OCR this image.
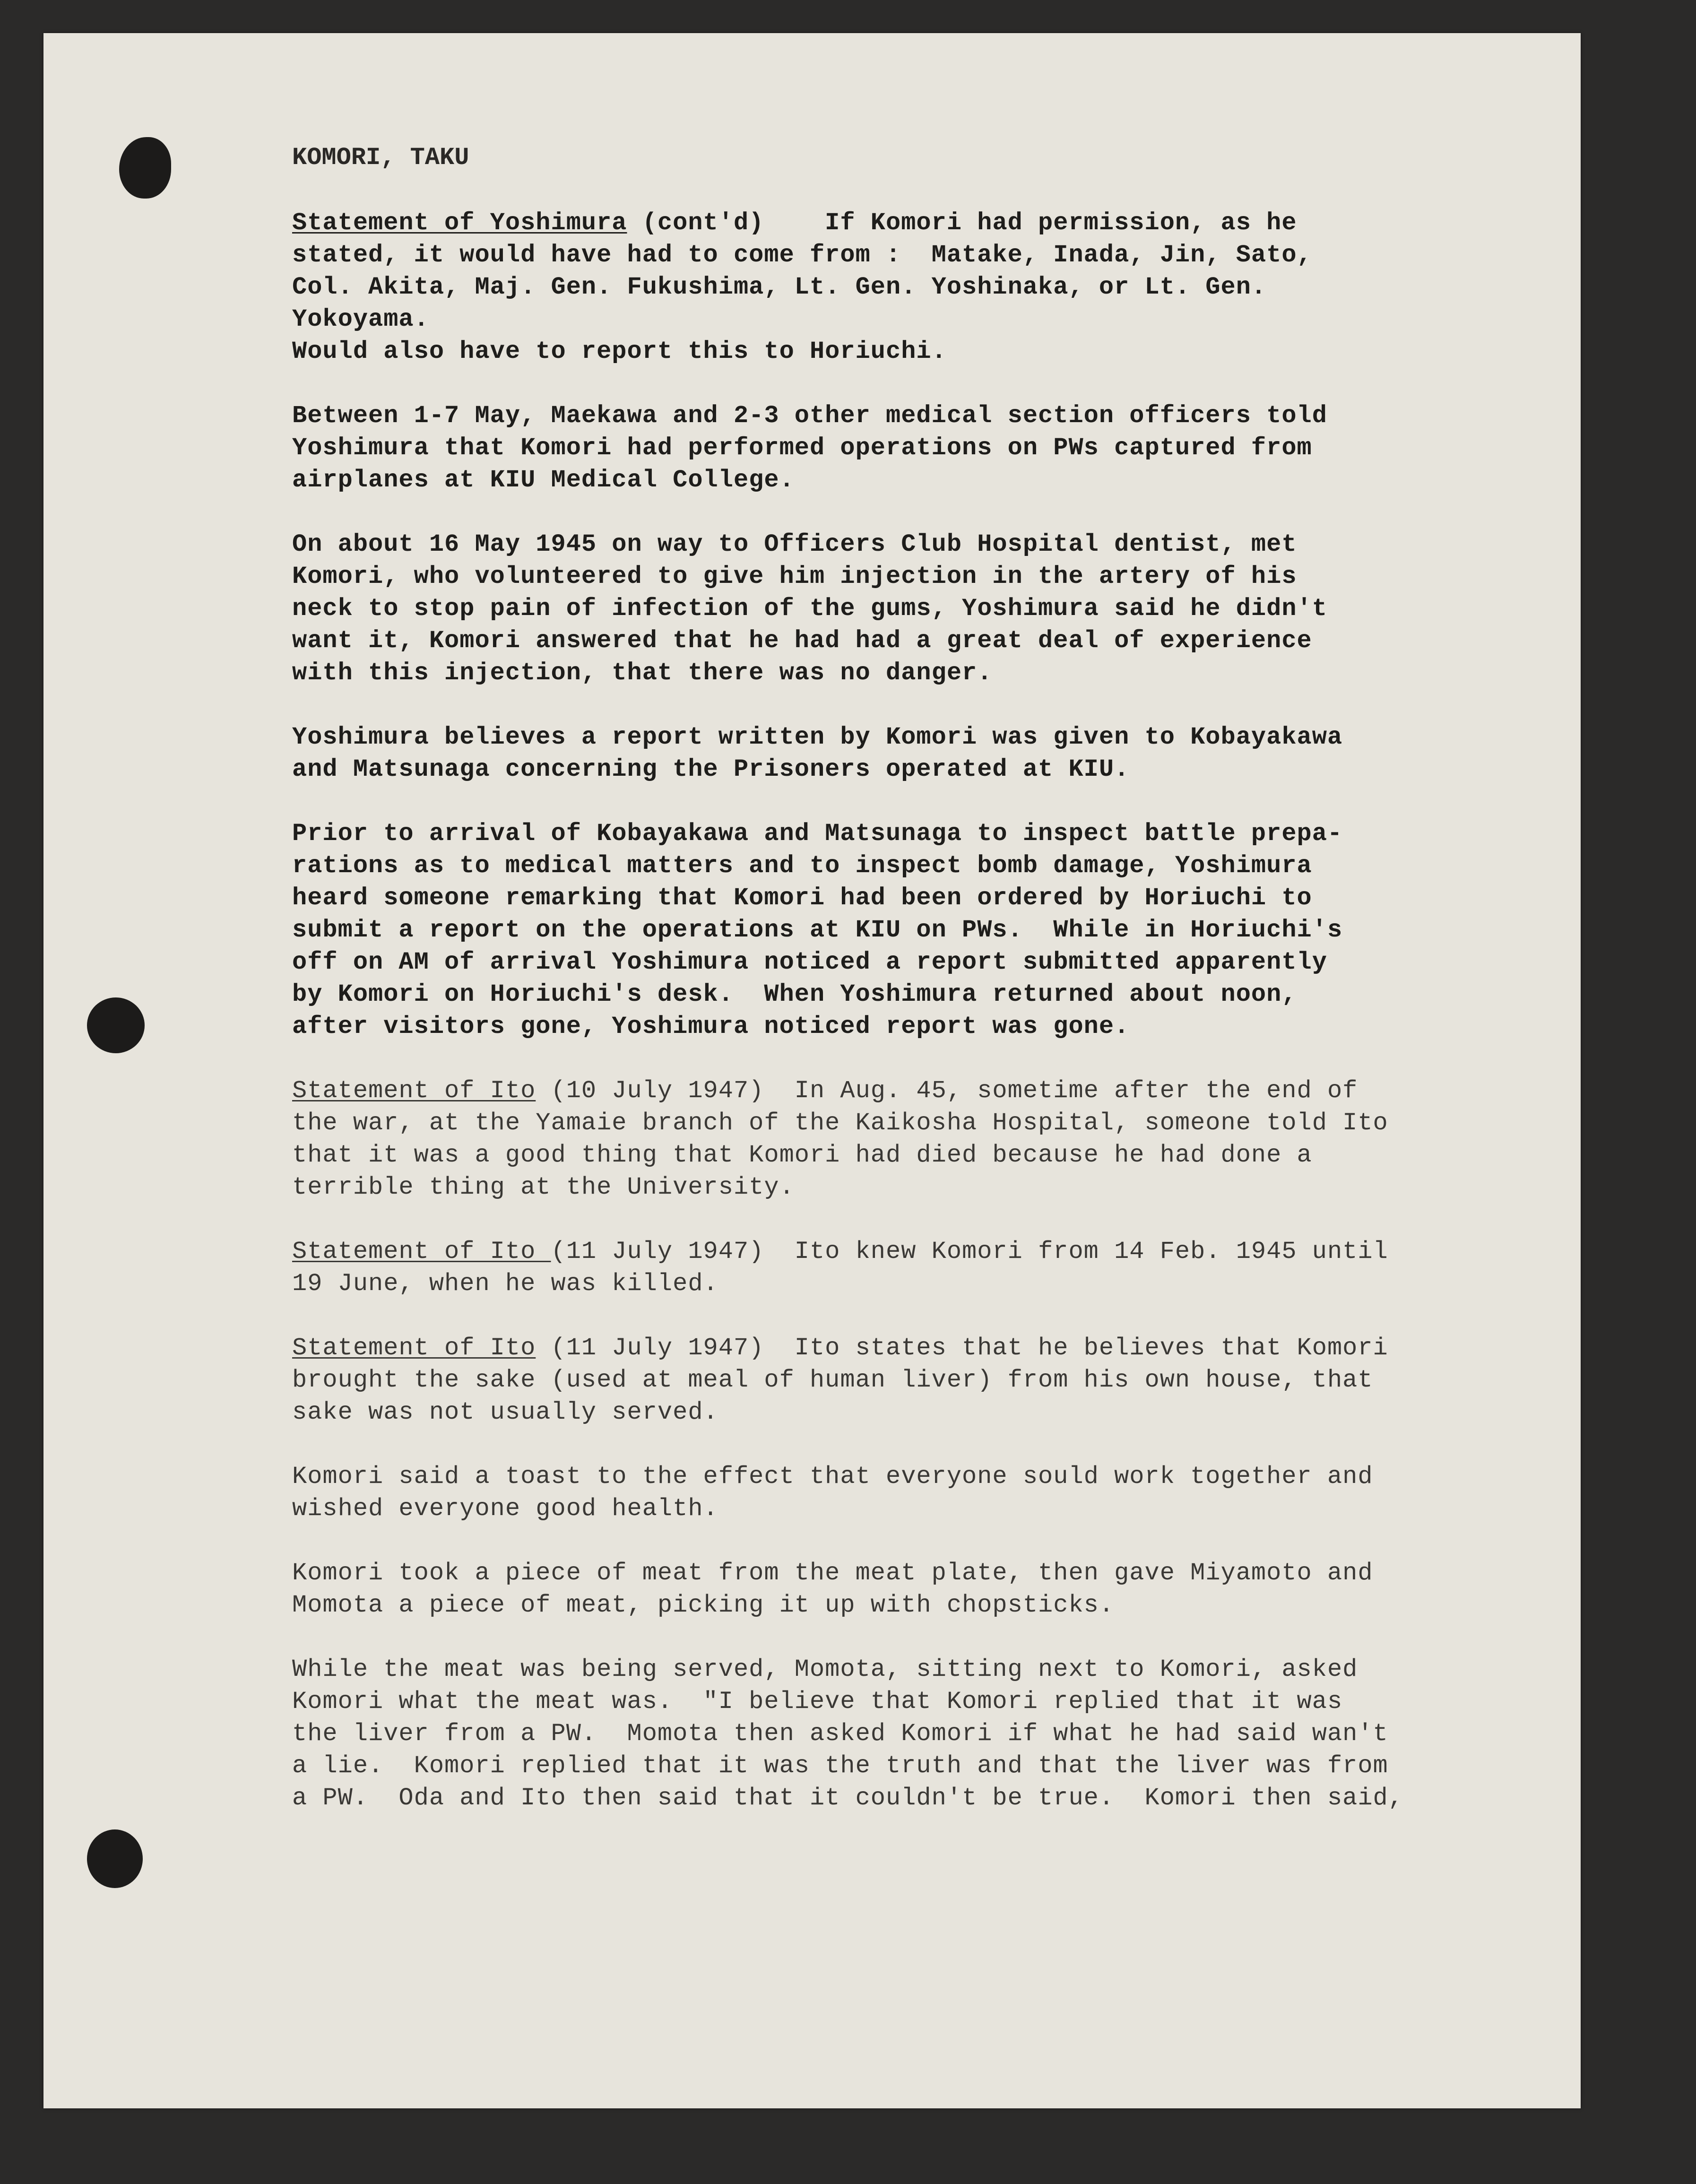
KOMORI, TAKU
Statement of Yoshimura (cont'd)    If Komori had permission, as he
stated, it would have had to come from :  Matake, Inada, Jin, Sato,
Col. Akita, Maj. Gen. Fukushima, Lt. Gen. Yoshinaka, or Lt. Gen.
Yokoyama.
Would also have to report this to Horiuchi.
Between 1-7 May, Maekawa and 2-3 other medical section officers told
Yoshimura that Komori had performed operations on PWs captured from
airplanes at KIU Medical College.
On about 16 May 1945 on way to Officers Club Hospital dentist, met
Komori, who volunteered to give him injection in the artery of his
neck to stop pain of infection of the gums, Yoshimura said he didn't
want it, Komori answered that he had had a great deal of experience
with this injection, that there was no danger.
Yoshimura believes a report written by Komori was given to Kobayakawa
and Matsunaga concerning the Prisoners operated at KIU.
Prior to arrival of Kobayakawa and Matsunaga to inspect battle prepa-
rations as to medical matters and to inspect bomb damage, Yoshimura
heard someone remarking that Komori had been ordered by Horiuchi to
submit a report on the operations at KIU on PWs.  While in Horiuchi's
off on AM of arrival Yoshimura noticed a report submitted apparently
by Komori on Horiuchi's desk.  When Yoshimura returned about noon,
after visitors gone, Yoshimura noticed report was gone.
Statement of Ito (10 July 1947)  In Aug. 45, sometime after the end of
the war, at the Yamaie branch of the Kaikosha Hospital, someone told Ito
that it was a good thing that Komori had died because he had done a
terrible thing at the University.
Statement of Ito (11 July 1947)  Ito knew Komori from 14 Feb. 1945 until
19 June, when he was killed.
Statement of Ito (11 July 1947)  Ito states that he believes that Komori
brought the sake (used at meal of human liver) from his own house, that
sake was not usually served.
Komori said a toast to the effect that everyone sould work together and
wished everyone good health.
Komori took a piece of meat from the meat plate, then gave Miyamoto and
Momota a piece of meat, picking it up with chopsticks.
While the meat was being served, Momota, sitting next to Komori, asked
Komori what the meat was.  "I believe that Komori replied that it was
the liver from a PW.  Momota then asked Komori if what he had said wan't
a lie.  Komori replied that it was the truth and that the liver was from
a PW.  Oda and Ito then said that it couldn't be true.  Komori then said,
